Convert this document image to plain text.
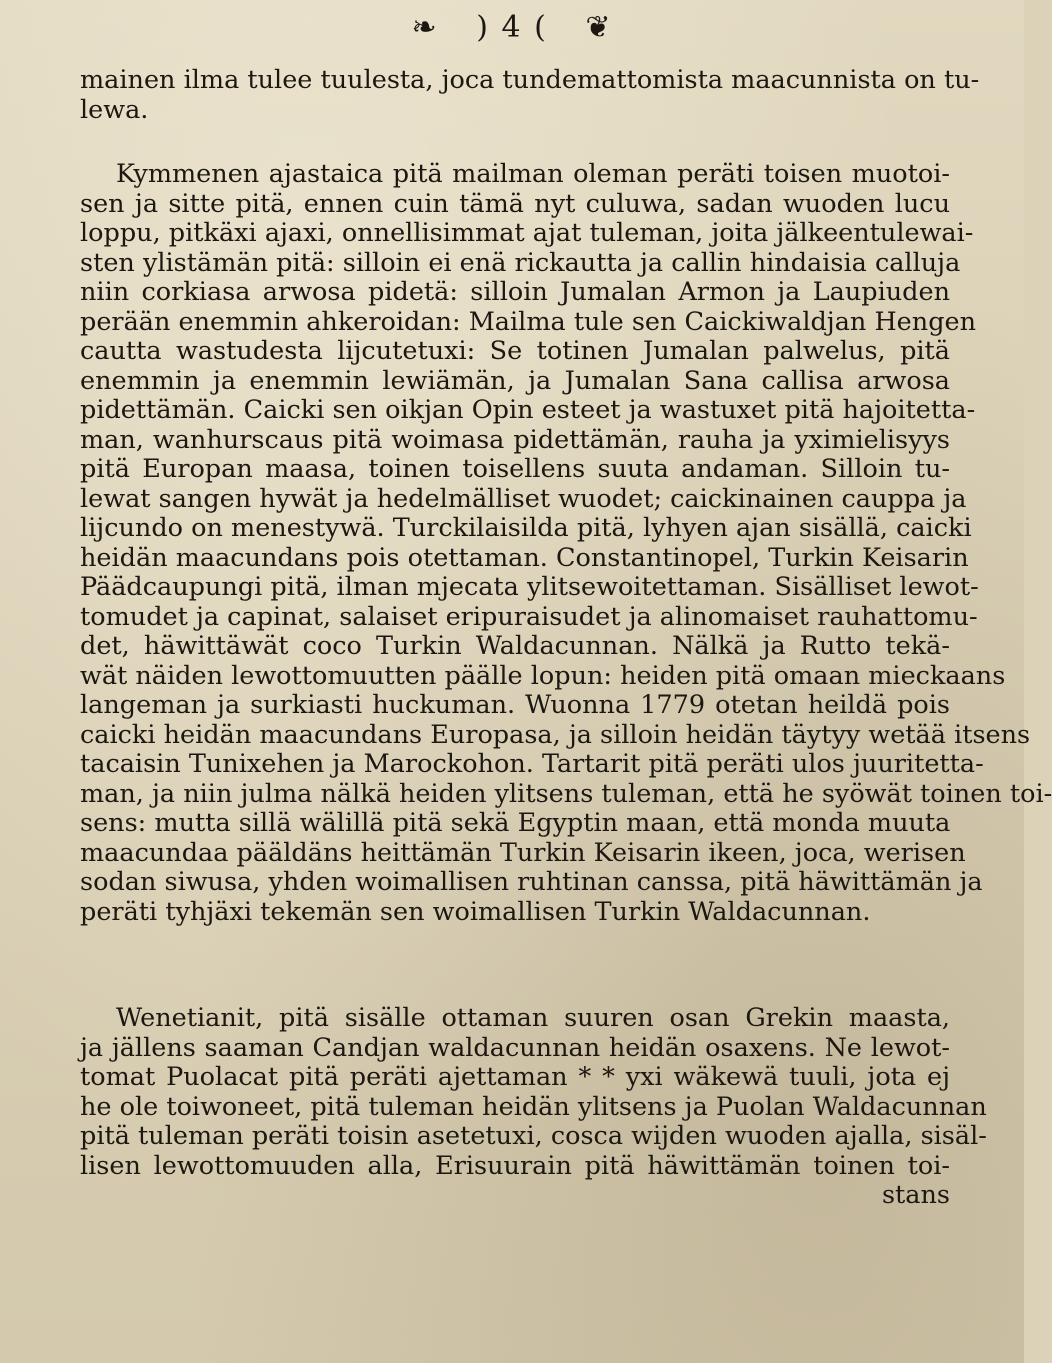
❧ ) 4 ( ❦
mainen ilma tulee tuulesta, joca tundemattomista maacunnista on tu-
lewa.
Kymmenen ajastaica pitä mailman oleman peräti toisen muotoi-
sen ja sitte pitä, ennen cuin tämä nyt culuwa, sadan wuoden lucu
loppu, pitkäxi ajaxi, onnellisimmat ajat tuleman, joita jälkeentulewai-
sten ylistämän pitä: silloin ei enä rickautta ja callin hindaisia calluja
niin corkiasa arwosa pidetä: silloin Jumalan Armon ja Laupiuden
perään enemmin ahkeroidan: Mailma tule sen Caickiwaldjan Hengen
cautta wastudesta lijcutetuxi: Se totinen Jumalan palwelus, pitä
enemmin ja enemmin lewiämän, ja Jumalan Sana callisa arwosa
pidettämän. Caicki sen oikjan Opin esteet ja wastuxet pitä hajoitetta-
man, wanhurscaus pitä woimasa pidettämän, rauha ja yximielisyys
pitä Europan maasa, toinen toisellens suuta andaman. Silloin tu-
lewat sangen hywät ja hedelmälliset wuodet; caickinainen cauppa ja
lijcundo on menestywä. Turckilaisilda pitä, lyhyen ajan sisällä, caicki
heidän maacundans pois otettaman. Constantinopel, Turkin Keisarin
Päädcaupungi pitä, ilman mjecata ylitsewoitettaman. Sisälliset lewot-
tomudet ja capinat, salaiset eripuraisudet ja alinomaiset rauhattomu-
det, häwittäwät coco Turkin Waldacunnan. Nälkä ja Rutto tekä-
wät näiden lewottomuutten päälle lopun: heiden pitä omaan mieckaans
langeman ja surkiasti huckuman. Wuonna 1779 otetan heildä pois
caicki heidän maacundans Europasa, ja silloin heidän täytyy wetää itsens
tacaisin Tunixehen ja Marockohon. Tartarit pitä peräti ulos juuritetta-
man, ja niin julma nälkä heiden ylitsens tuleman, että he syöwät toinen toi-
sens: mutta sillä wälillä pitä sekä Egyptin maan, että monda muuta
maacundaa pääldäns heittämän Turkin Keisarin ikeen, joca, werisen
sodan siwusa, yhden woimallisen ruhtinan canssa, pitä häwittämän ja
peräti tyhjäxi tekemän sen woimallisen Turkin Waldacunnan.
Wenetianit, pitä sisälle ottaman suuren osan Grekin maasta,
ja jällens saaman Candjan waldacunnan heidän osaxens. Ne lewot-
tomat Puolacat pitä peräti ajettaman * * yxi wäkewä tuuli, jota ej
he ole toiwoneet, pitä tuleman heidän ylitsens ja Puolan Waldacunnan
pitä tuleman peräti toisin asetetuxi, cosca wijden wuoden ajalla, sisäl-
lisen lewottomuuden alla, Erisuurain pitä häwittämän toinen toi-
stans
